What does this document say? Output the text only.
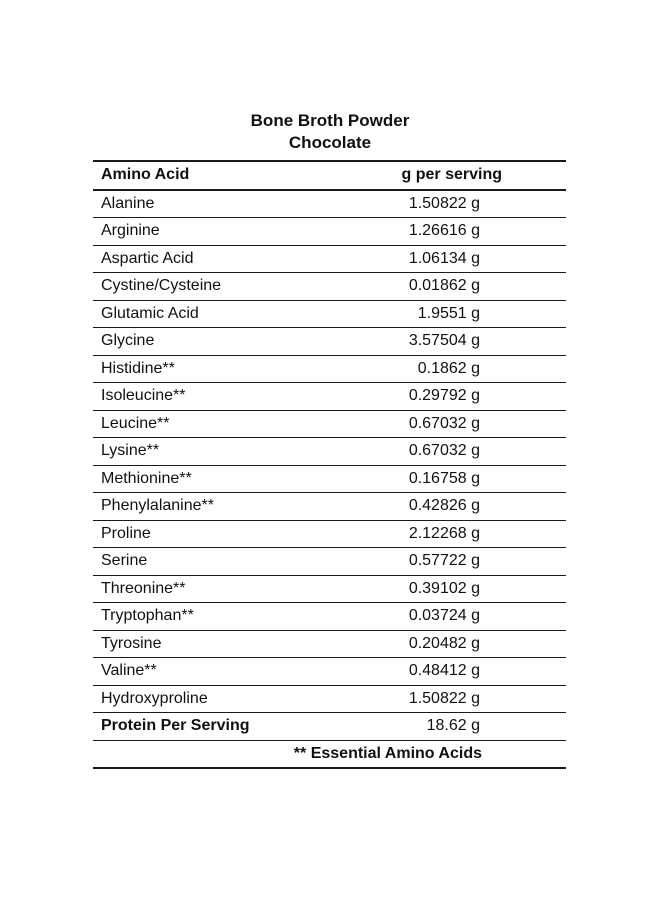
Bone Broth Powder
Chocolate
Amino Acid	g per serving
Alanine	1.50822 g
Arginine	1.26616 g
Aspartic Acid	1.06134 g
Cystine/Cysteine	0.01862 g
Glutamic Acid	1.9551 g
Glycine	3.57504 g
Histidine**	0.1862 g
Isoleucine**	0.29792 g
Leucine**	0.67032 g
Lysine**	0.67032 g
Methionine**	0.16758 g
Phenylalanine**	0.42826 g
Proline	2.12268 g
Serine	0.57722 g
Threonine**	0.39102 g
Tryptophan**	0.03724 g
Tyrosine	0.20482 g
Valine**	0.48412 g
Hydroxyproline	1.50822 g
Protein Per Serving	18.62 g
** Essential Amino Acids
